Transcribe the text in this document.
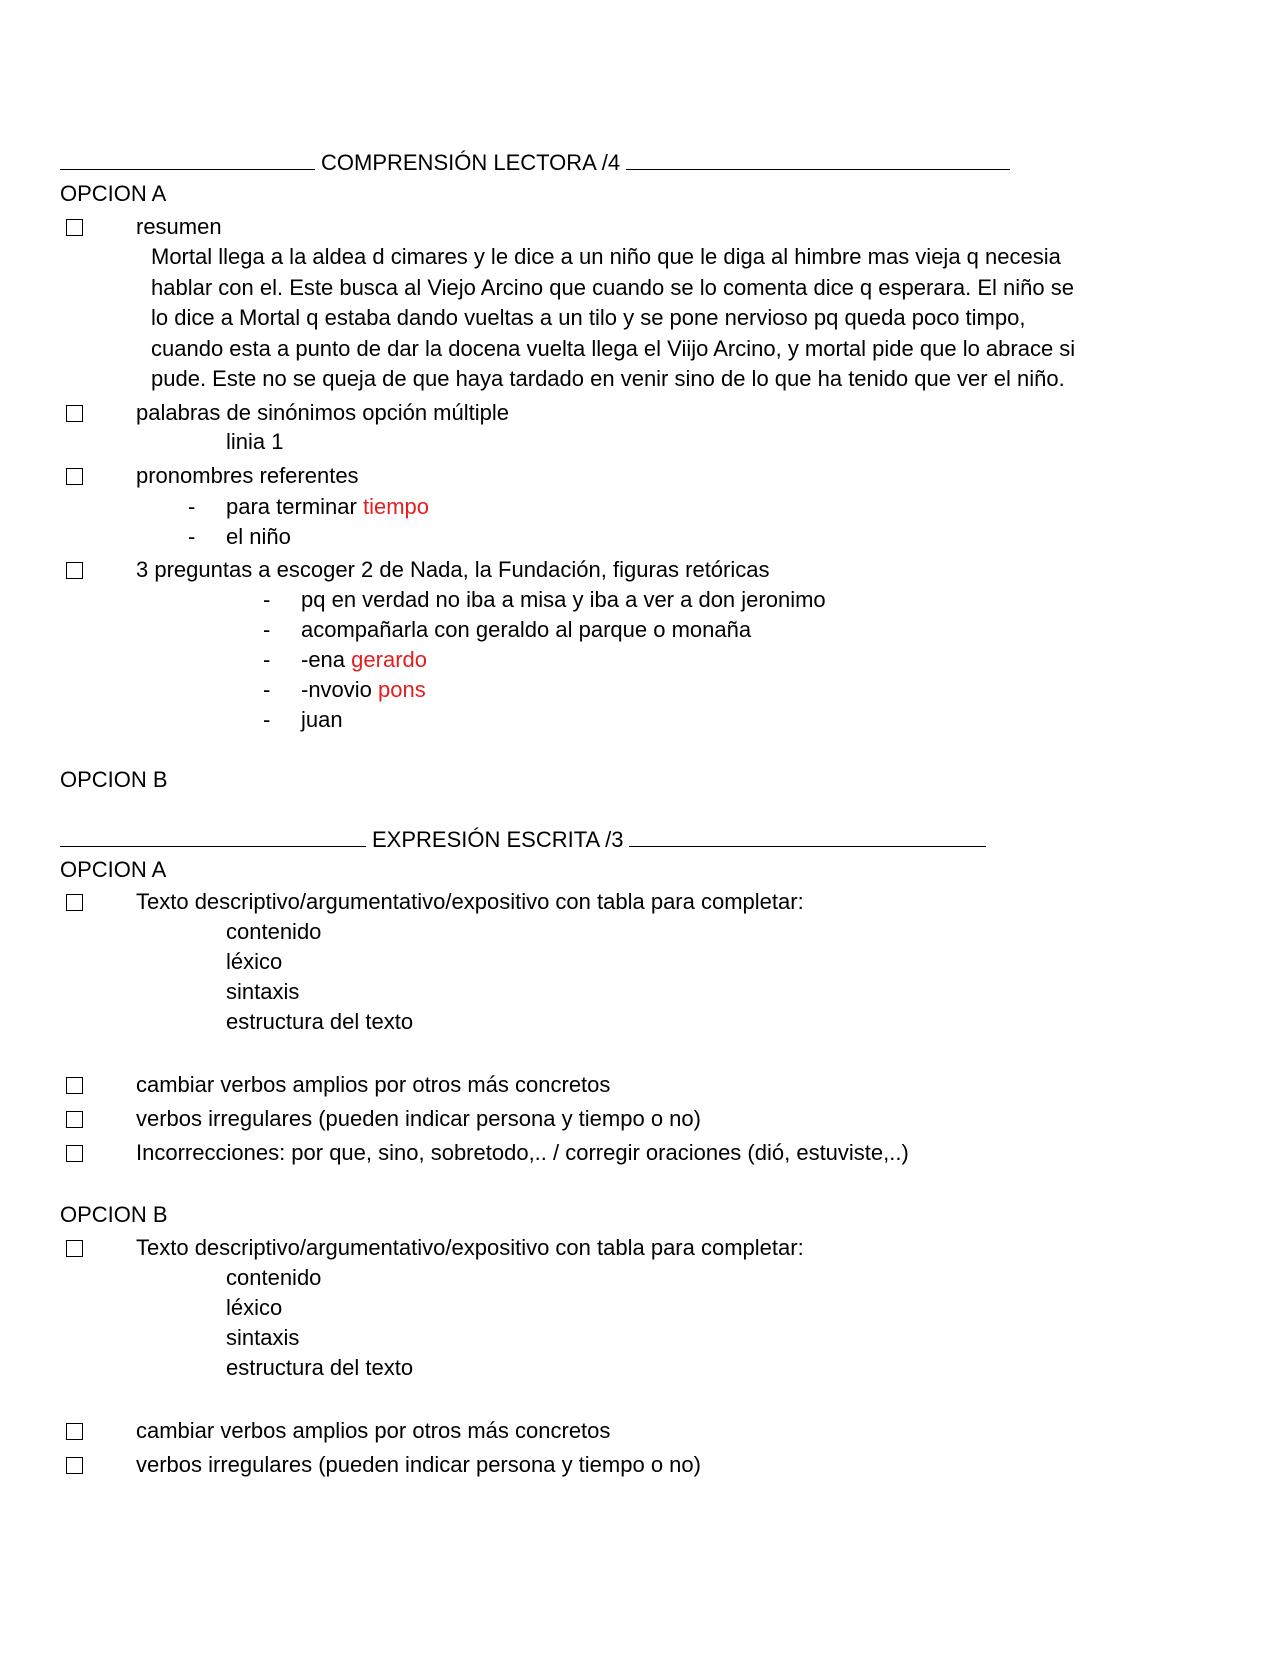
COMPRENSIÓN LECTORA /4
OPCION A
resumen
Mortal llega a la aldea d cimares y le dice a un niño que le diga al himbre mas vieja q necesia
hablar con el. Este busca al Viejo Arcino que cuando se lo comenta dice q esperara. El niño se
lo dice a Mortal q estaba dando vueltas a un tilo y se pone nervioso pq queda poco timpo,
cuando esta a punto de dar la docena vuelta llega el Viijo Arcino, y mortal pide que lo abrace si
pude. Este no se queja de que haya tardado en venir sino de lo que ha tenido que ver el niño.
palabras de sinónimos opción múltiple
linia 1
pronombres referentes
- para terminar tiempo
- el niño
3 preguntas a escoger 2 de Nada, la Fundación, figuras retóricas
- pq en verdad no iba a misa y iba a ver a don jeronimo
- acompañarla con geraldo al parque o monaña
- -ena gerardo
- -nvovio pons
- juan
OPCION B
EXPRESIÓN ESCRITA /3
OPCION A
Texto descriptivo/argumentativo/expositivo con tabla para completar:
contenido
léxico
sintaxis
estructura del texto
cambiar verbos amplios por otros más concretos
verbos irregulares (pueden indicar persona y tiempo o no)
Incorrecciones: por que, sino, sobretodo,.. / corregir oraciones (dió, estuviste,..)
OPCION B
Texto descriptivo/argumentativo/expositivo con tabla para completar:
contenido
léxico
sintaxis
estructura del texto
cambiar verbos amplios por otros más concretos
verbos irregulares (pueden indicar persona y tiempo o no)
